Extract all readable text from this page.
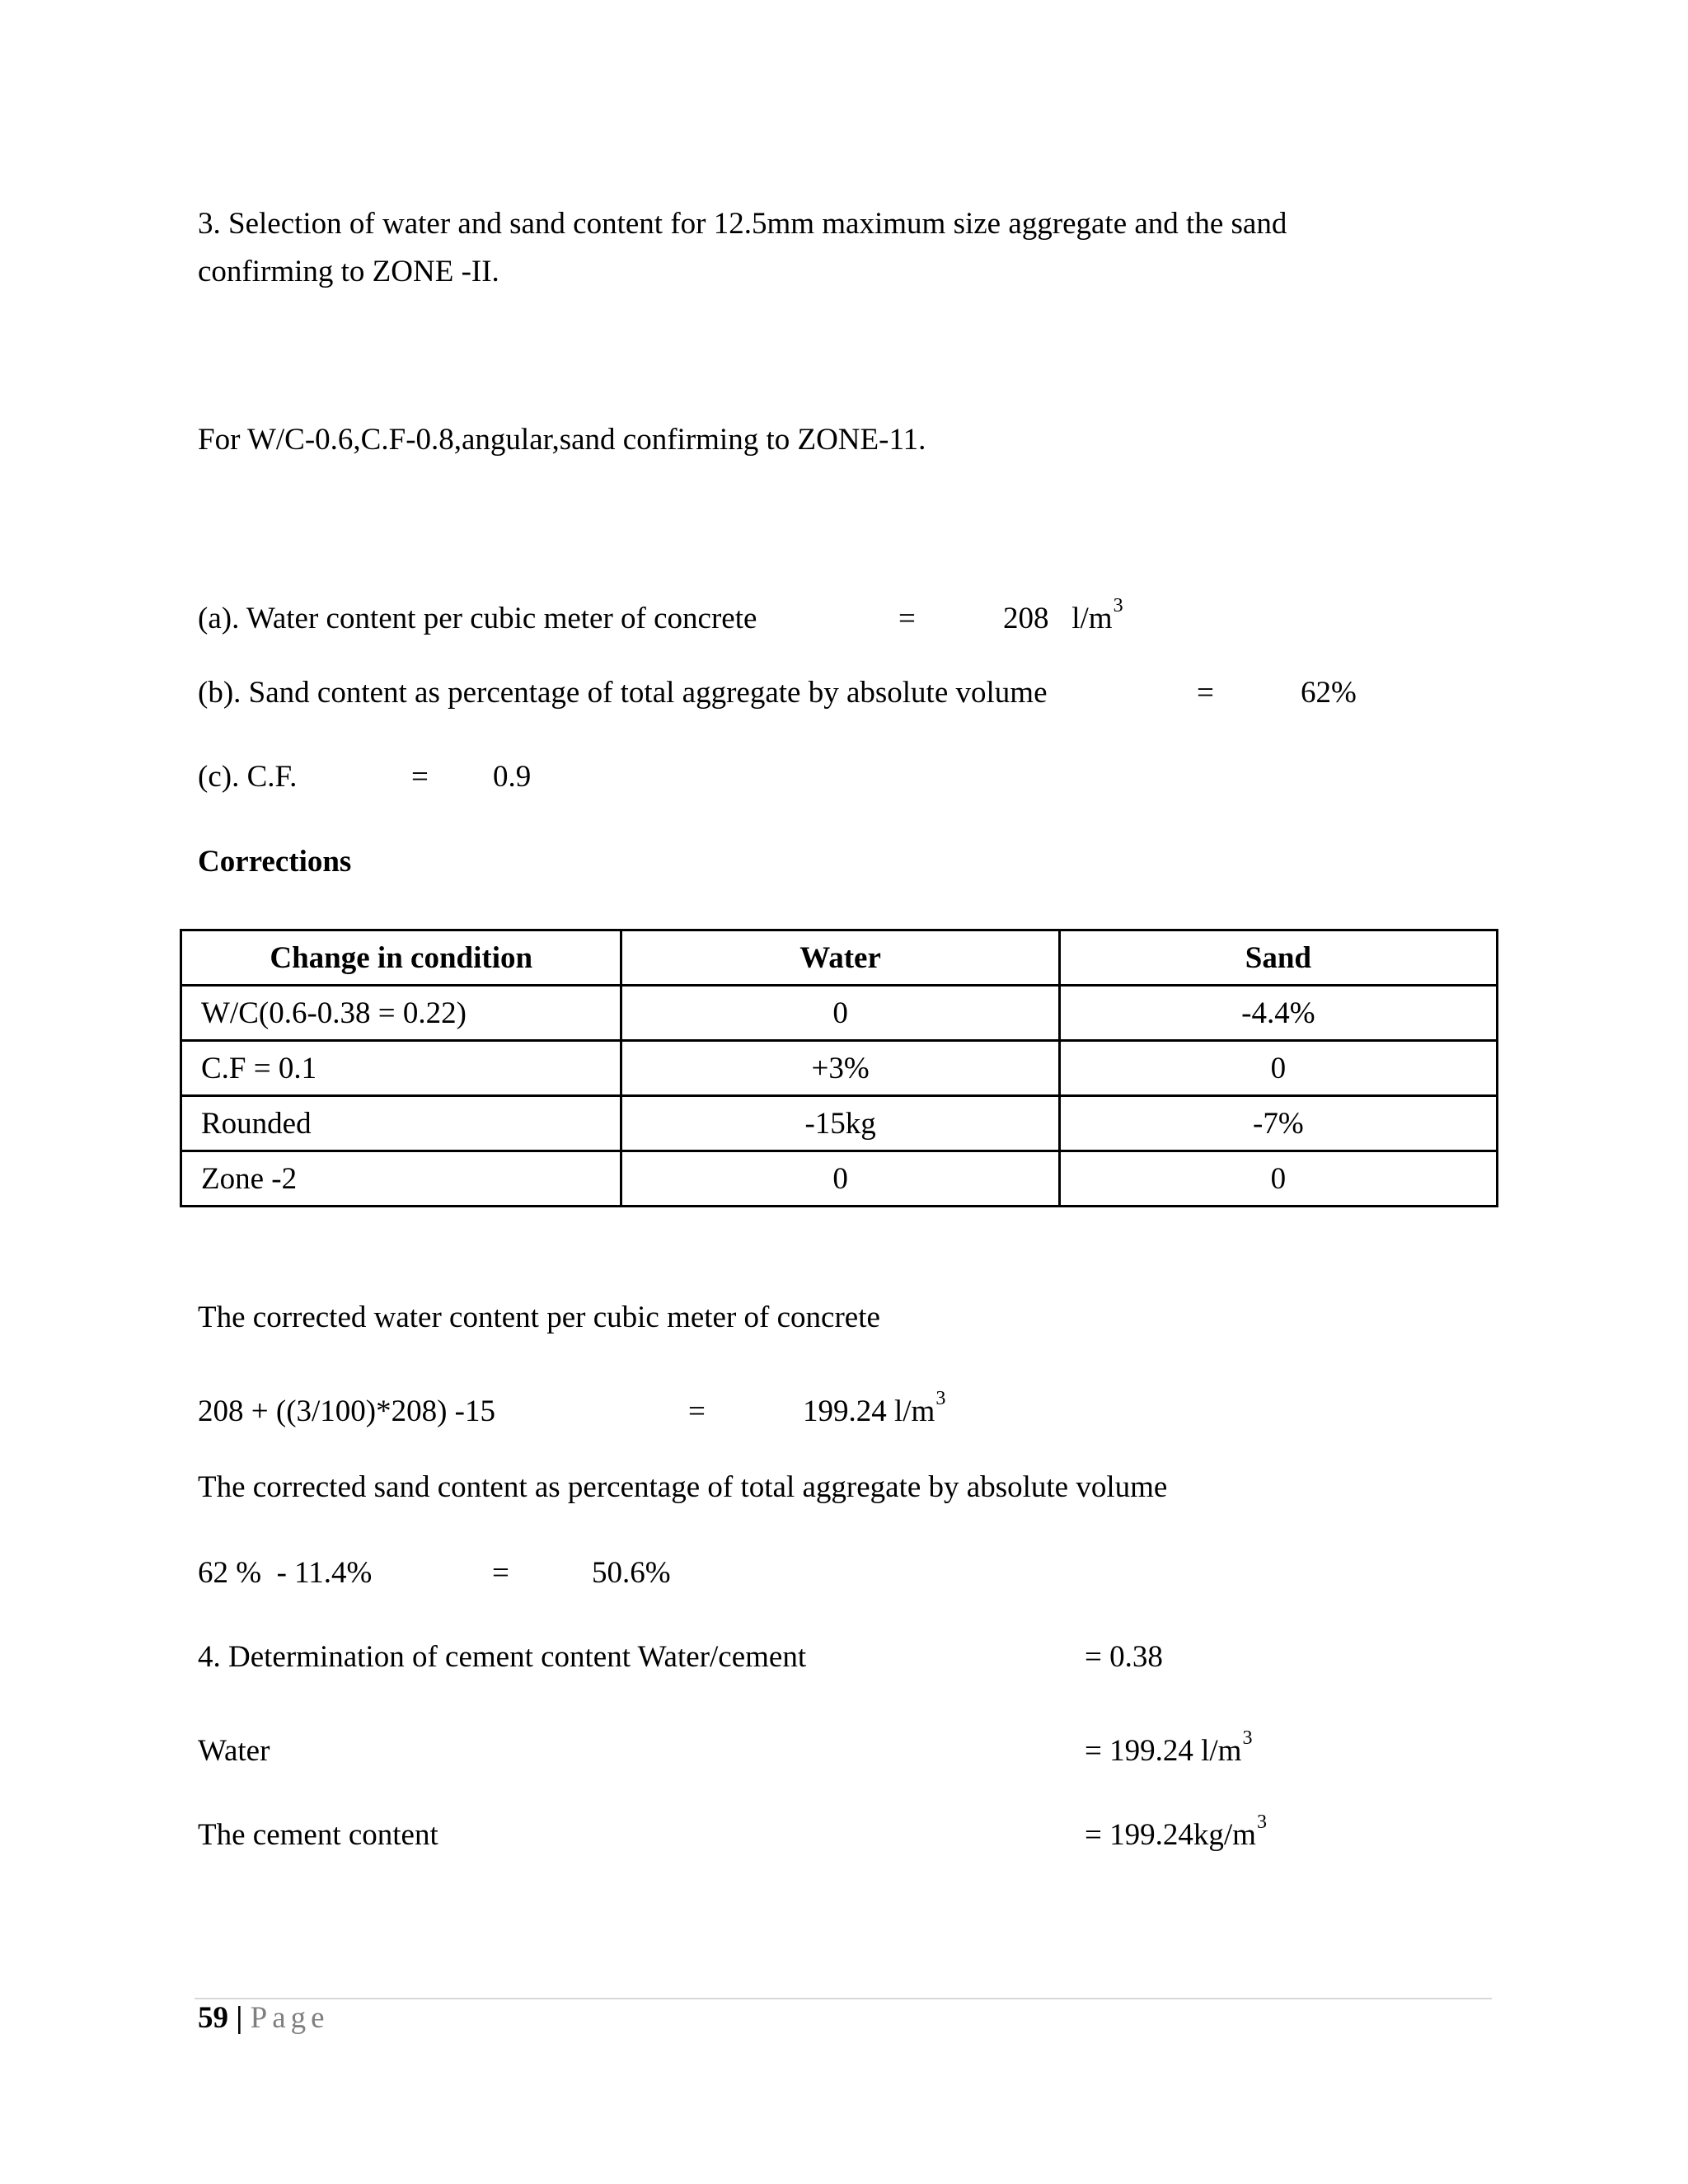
3. Selection of water and sand content for 12.5mm maximum size aggregate and the sand
confirming to ZONE -II.
For W/C-0.6,C.F-0.8,angular,sand confirming to ZONE-11.
(a). Water content per cubic meter of concrete	=	208 $l/m^3$
(b). Sand content as percentage of total aggregate by absolute volume	=	62%
(c). C.F.	= 0.9
Corrections
Change in condition	Water	Sand
W/C(0.6-0.38 = 0.22)	0	-4.4%
C.F = 0.1	+3%	0
Rounded	-15kg	-7%
Zone -2	0	0
The corrected water content per cubic meter of concrete
208 + ((3/100)*208) -15	=	199.24 $l/m^3$
The corrected sand content as percentage of total aggregate by absolute volume
62 %  - 11.4%	=	50.6%
4. Determination of cement content Water/cement	= 0.38
Water	= 199.24 $l/m^3$
The cement content	= $199.24kg/m^3$
59 | Page
